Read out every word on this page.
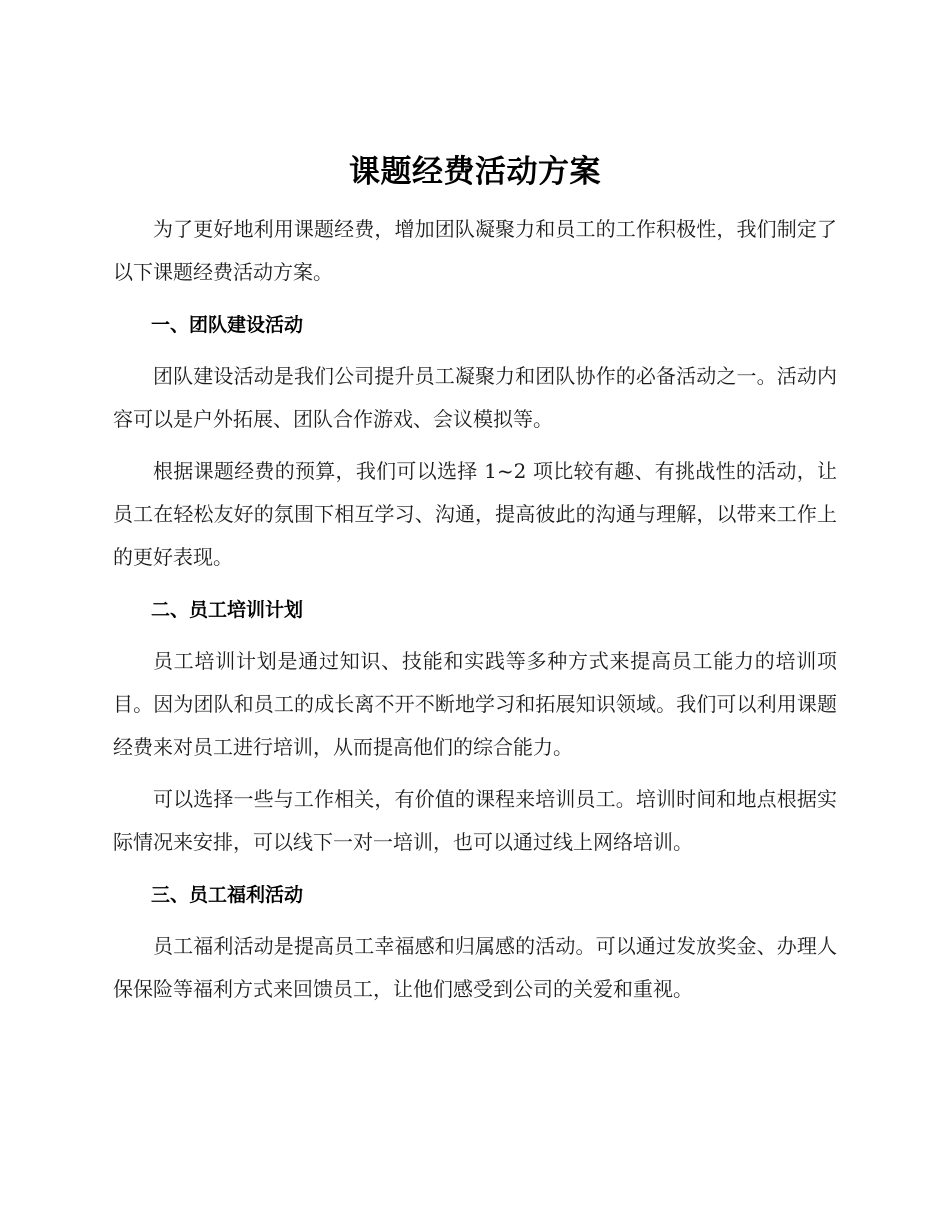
课题经费活动方案

为了更好地利用课题经费，增加团队凝聚力和员工的工作积极性，我们制定了以下课题经费活动方案。

一、团队建设活动

团队建设活动是我们公司提升员工凝聚力和团队协作的必备活动之一。活动内容可以是户外拓展、团队合作游戏、会议模拟等。

根据课题经费的预算，我们可以选择 1~2 项比较有趣、有挑战性的活动，让员工在轻松友好的氛围下相互学习、沟通，提高彼此的沟通与理解，以带来工作上的更好表现。

二、员工培训计划

员工培训计划是通过知识、技能和实践等多种方式来提高员工能力的培训项目。因为团队和员工的成长离不开不断地学习和拓展知识领域。我们可以利用课题经费来对员工进行培训，从而提高他们的综合能力。

可以选择一些与工作相关，有价值的课程来培训员工。培训时间和地点根据实际情况来安排，可以线下一对一培训，也可以通过线上网络培训。

三、员工福利活动

员工福利活动是提高员工幸福感和归属感的活动。可以通过发放奖金、办理人保保险等福利方式来回馈员工，让他们感受到公司的关爱和重视。
